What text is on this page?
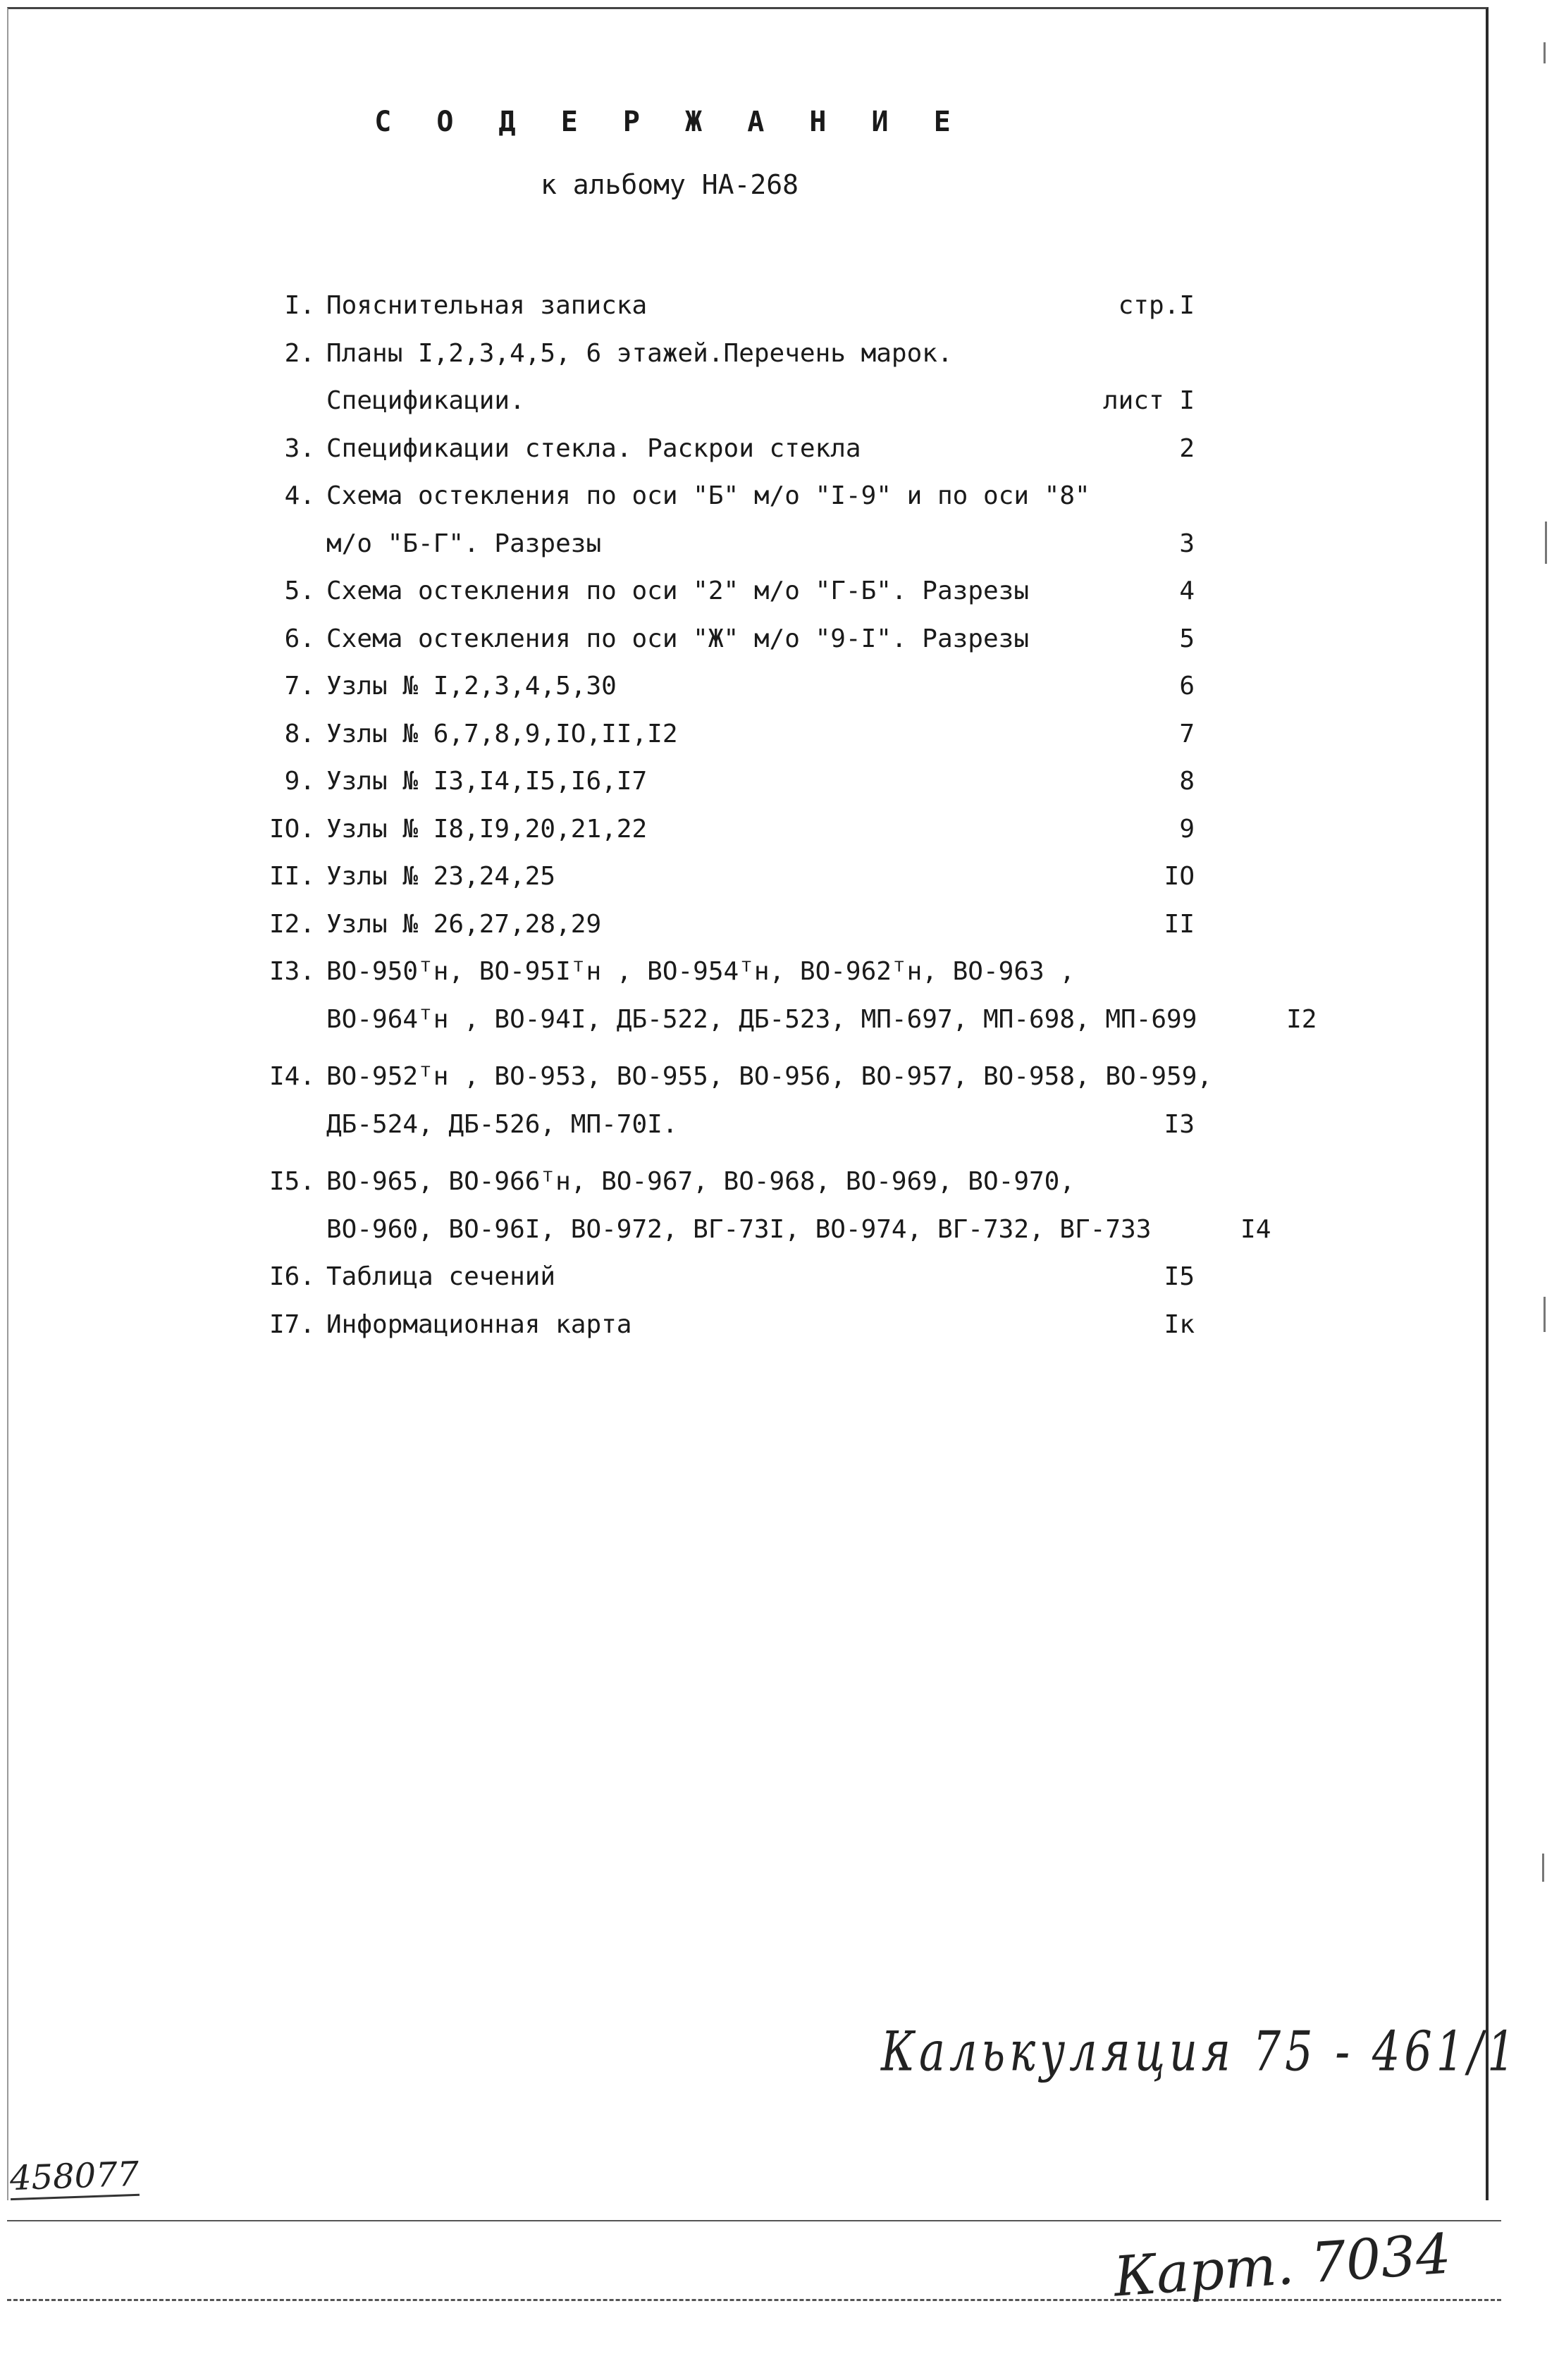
С О Д Е Р Ж А Н И Е
к альбому НА-268
I. Пояснительная записка	стр.I
2. Планы I,2,3,4,5, 6 этажей.Перечень марок.
Спецификации.	лист I
3. Спецификации стекла. Раскрои стекла	2
4. Схема остекления по оси "Б" м/о "I-9" и по оси "8"
м/о "Б-Г". Разрезы	3
5. Схема остекления по оси "2" м/о "Г-Б". Разрезы	4
6. Схема остекления по оси "Ж" м/о "9-I". Разрезы	5
7. Узлы № I,2,3,4,5,30	6
8. Узлы № 6,7,8,9,IO,II,I2	7
9. Узлы № I3,I4,I5,I6,I7	8
IO. Узлы № I8,I9,20,21,22	9
II. Узлы № 23,24,25	IO
I2. Узлы № 26,27,28,29	II
I3. ВО-950ᵀн, ВО-95Iᵀн , ВО-954ᵀн, ВО-962ᵀн, ВО-963 ,
ВО-964ᵀн , ВО-94I, ДБ-522, ДБ-523, МП-697, МП-698, МП-699	I2
I4. ВО-952ᵀн , ВО-953, ВО-955, ВО-956, ВО-957, ВО-958, ВО-959,
ДБ-524, ДБ-526, МП-70I.	I3
I5. ВО-965, ВО-966ᵀн, ВО-967, ВО-968, ВО-969, ВО-970,
ВО-960, ВО-96I, ВО-972, ВГ-73I, ВО-974, ВГ-732, ВГ-733	I4
I6. Таблица сечений	I5
I7. Информационная карта	Iк
Калькуляция 75 - 461/1
458077
Карт. 7034
